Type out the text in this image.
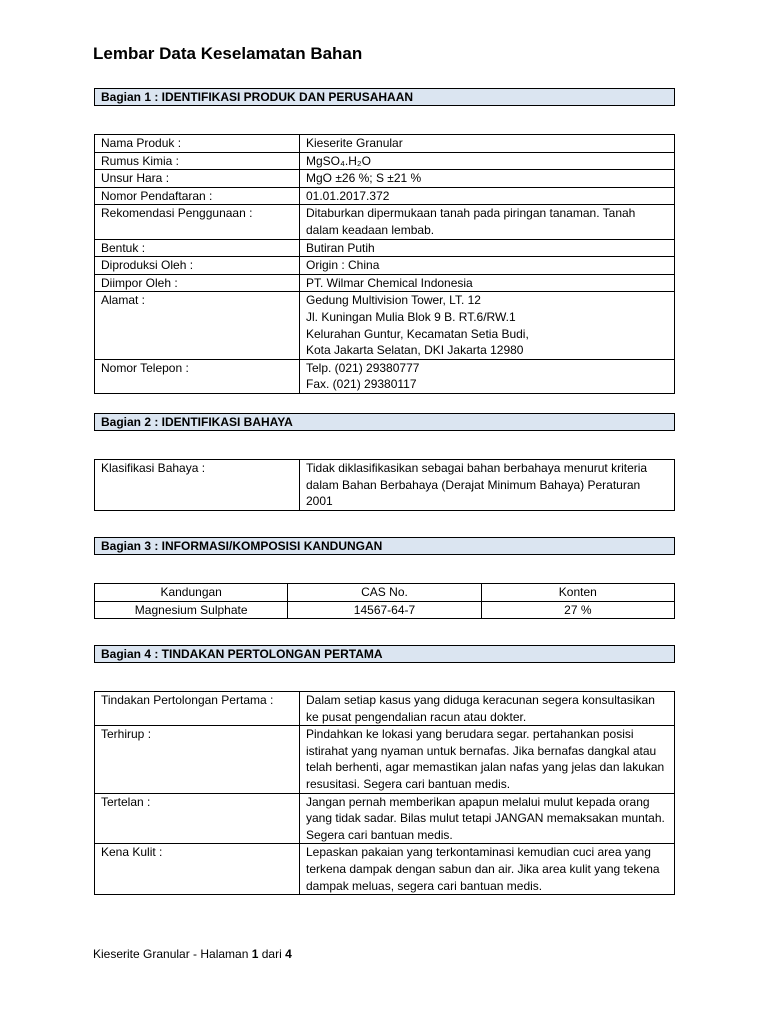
Lembar Data Keselamatan Bahan
Bagian 1 : IDENTIFIKASI PRODUK DAN PERUSAHAAN
Nama Produk :	Kieserite Granular
Rumus Kimia :	MgSO₄.H₂O
Unsur Hara :	MgO ±26 %; S ±21 %
Nomor Pendaftaran :	01.01.2017.372
Rekomendasi Penggunaan :	Ditaburkan dipermukaan tanah pada piringan tanaman. Tanah dalam keadaan lembab.
Bentuk :	Butiran Putih
Diproduksi Oleh :	Origin : China
Diimpor Oleh :	PT. Wilmar Chemical Indonesia
Alamat :	Gedung Multivision Tower, LT. 12
Jl. Kuningan Mulia Blok 9 B. RT.6/RW.1
Kelurahan Guntur, Kecamatan Setia Budi,
Kota Jakarta Selatan, DKI Jakarta 12980
Nomor Telepon :	Telp. (021) 29380777
Fax. (021) 29380117
Bagian 2 : IDENTIFIKASI BAHAYA
Klasifikasi Bahaya :	Tidak diklasifikasikan sebagai bahan berbahaya menurut kriteria dalam Bahan Berbahaya (Derajat Minimum Bahaya) Peraturan 2001
Bagian 3 : INFORMASI/KOMPOSISI KANDUNGAN
Kandungan	CAS No.	Konten
Magnesium Sulphate	14567-64-7	27 %
Bagian 4 : TINDAKAN PERTOLONGAN PERTAMA
Tindakan Pertolongan Pertama :	Dalam setiap kasus yang diduga keracunan segera konsultasikan ke pusat pengendalian racun atau dokter.
Terhirup :	Pindahkan ke lokasi yang berudara segar. pertahankan posisi istirahat yang nyaman untuk bernafas. Jika bernafas dangkal atau telah berhenti, agar memastikan jalan nafas yang jelas dan lakukan resusitasi. Segera cari bantuan medis.
Tertelan :	Jangan pernah memberikan apapun melalui mulut kepada orang yang tidak sadar. Bilas mulut tetapi JANGAN memaksakan muntah. Segera cari bantuan medis.
Kena Kulit :	Lepaskan pakaian yang terkontaminasi kemudian cuci area yang terkena dampak dengan sabun dan air. Jika area kulit yang tekena dampak meluas, segera cari bantuan medis.
Kieserite Granular - Halaman 1 dari 4
